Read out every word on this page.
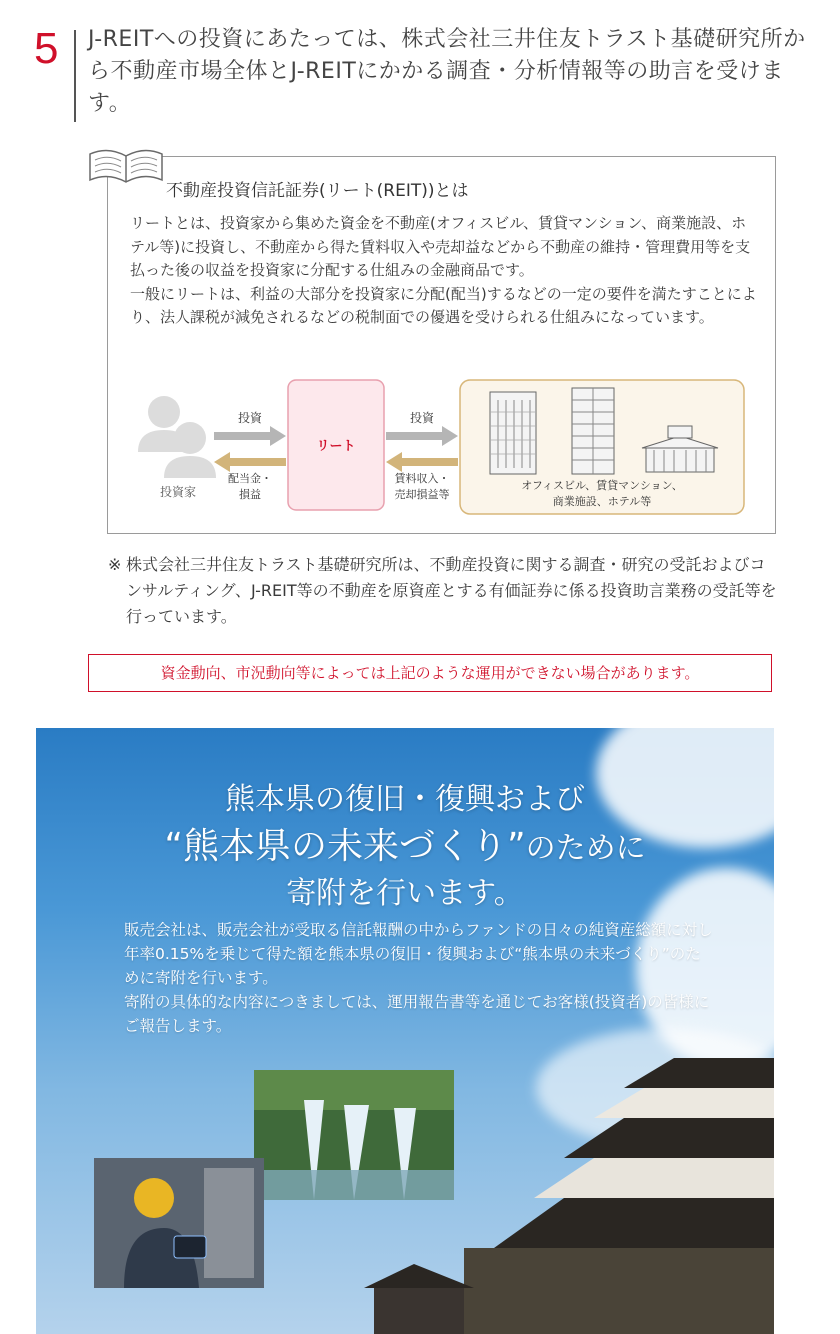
5 J-REITへの投資にあたっては、株式会社三井住友トラスト基礎研究所から不動産市場全体とJ-REITにかかる調査・分析情報等の助言を受けます。
不動産投資信託証券(リート(REIT))とは

リートとは、投資家から集めた資金を不動産(オフィスビル、賃貸マンション、商業施設、ホテル等)に投資し、不動産から得た賃料収入や売却益などから不動産の維持・管理費用等を支払った後の収益を投資家に分配する仕組みの金融商品です。

一般にリートは、利益の大部分を投資家に分配(配当)するなどの一定の要件を満たすことにより、法人課税が減免されるなどの税制面での優遇を受けられる仕組みになっています。

投資家
投資
配当金・
損益
リート
投資
賃料収入・
売却損益等
オフィスビル、賃貸マンション、
商業施設、ホテル等
※ 株式会社三井住友トラスト基礎研究所は、不動産投資に関する調査・研究の受託およびコンサルティング、J-REIT等の不動産を原資産とする有価証券に係る投資助言業務の受託等を行っています。
資金動向、市況動向等によっては上記のような運用ができない場合があります。
熊本県の復旧・復興および
“熊本県の未来づくり”のために
寄附を行います。

販売会社は、販売会社が受取る信託報酬の中からファンドの日々の純資産総額に対し年率0.15%を乗じて得た額を熊本県の復旧・復興および“熊本県の未来づくり”のために寄附を行います。

寄附の具体的な内容につきましては、運用報告書等を通じてお客様(投資者)の皆様にご報告します。
